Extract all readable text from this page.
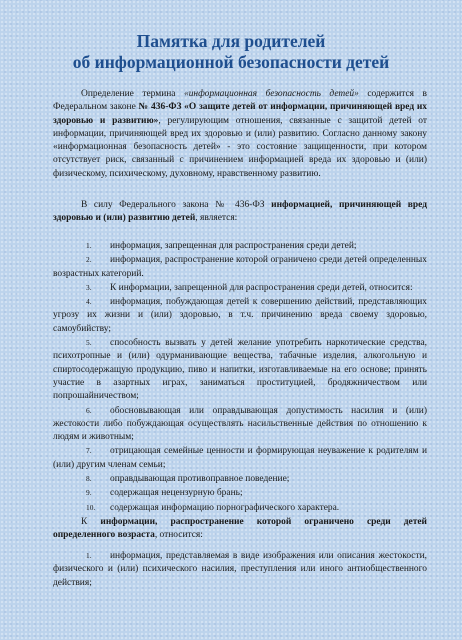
Памятка для родителей
об информационной безопасности детей
Определение термина «информационная безопасность детей» содержится в Федеральном законе № 436-ФЗ «О защите детей от информации, причиняющей вред их здоровью и развитию», регулирующим отношения, связанные с защитой детей от информации, причиняющей вред их здоровью и (или) развитию. Согласно данному закону «информационная безопасность детей» - это состояние защищенности, при котором отсутствует риск, связанный с причинением информацией вреда их здоровью и (или) физическому, психическому, духовному, нравственному развитию.
В силу Федерального закона № 436-ФЗ информацией, причиняющей вред здоровью и (или) развитию детей, является:
1. информация, запрещенная для распространения среди детей;
2. информация, распространение которой ограничено среди детей определенных возрастных категорий.
3. К информации, запрещенной для распространения среди детей, относится:
4. информация, побуждающая детей к совершению действий, представляющих угрозу их жизни и (или) здоровью, в т.ч. причинению вреда своему здоровью, самоубийству;
5. способность вызвать у детей желание употребить наркотические средства, психотропные и (или) одурманивающие вещества, табачные изделия, алкогольную и спиртосодержащую продукцию, пиво и напитки, изготавливаемые на его основе; принять участие в азартных играх, заниматься проституцией, бродяжничеством или попрошайничеством;
6. обосновывающая или оправдывающая допустимость насилия и (или) жестокости либо побуждающая осуществлять насильственные действия по отношению к людям и животным;
7. отрицающая семейные ценности и формирующая неуважение к родителям и (или) другим членам семьи;
8. оправдывающая противоправное поведение;
9. содержащая нецензурную брань;
10. содержащая информацию порнографического характера.
К информации, распространение которой ограничено среди детей определенного возраста, относится:
1. информация, представляемая в виде изображения или описания жестокости, физического и (или) психического насилия, преступления или иного антиобщественного действия;
